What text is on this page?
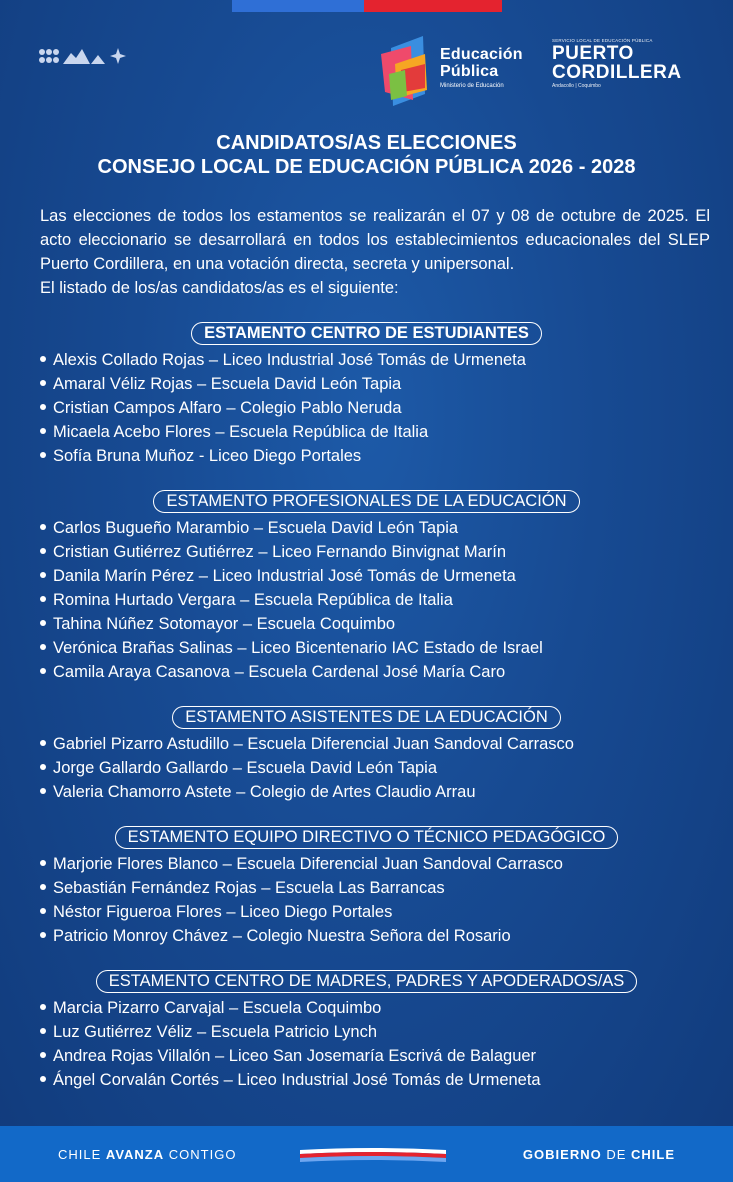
Educación
Pública
Ministerio de Educación
SERVICIO LOCAL DE EDUCACIÓN PÚBLICA
PUERTO
CORDILLERA
Andacollo | Coquimbo
CANDIDATOS/AS ELECCIONES
CONSEJO LOCAL DE EDUCACIÓN PÚBLICA 2026 - 2028
Las elecciones de todos los estamentos se realizarán el 07 y 08 de octubre de 2025. El acto eleccionario se desarrollará en todos los establecimientos educacionales del SLEP Puerto Cordillera, en una votación directa, secreta y unipersonal.
El listado de los/as candidatos/as es el siguiente:
ESTAMENTO CENTRO DE ESTUDIANTES
Alexis Collado Rojas – Liceo Industrial José Tomás de Urmeneta
Amaral Véliz Rojas – Escuela David León Tapia
Cristian Campos Alfaro – Colegio Pablo Neruda
Micaela Acebo Flores – Escuela República de Italia
Sofía Bruna Muñoz - Liceo Diego Portales
ESTAMENTO PROFESIONALES DE LA EDUCACIÓN
Carlos Bugueño Marambio – Escuela David León Tapia
Cristian Gutiérrez Gutiérrez – Liceo Fernando Binvignat Marín
Danila Marín Pérez – Liceo Industrial José Tomás de Urmeneta
Romina Hurtado Vergara – Escuela República de Italia
Tahina Núñez Sotomayor – Escuela Coquimbo
Verónica Brañas Salinas – Liceo Bicentenario IAC Estado de Israel
Camila Araya Casanova – Escuela Cardenal José María Caro
ESTAMENTO ASISTENTES DE LA EDUCACIÓN
Gabriel Pizarro Astudillo – Escuela Diferencial Juan Sandoval Carrasco
Jorge Gallardo Gallardo – Escuela David León Tapia
Valeria Chamorro Astete – Colegio de Artes Claudio Arrau
ESTAMENTO EQUIPO DIRECTIVO O TÉCNICO PEDAGÓGICO
Marjorie Flores Blanco – Escuela Diferencial Juan Sandoval Carrasco
Sebastián Fernández Rojas – Escuela Las Barrancas
Néstor Figueroa Flores – Liceo Diego Portales
Patricio Monroy Chávez – Colegio Nuestra Señora del Rosario
ESTAMENTO CENTRO DE MADRES, PADRES Y APODERADOS/AS
Marcia Pizarro Carvajal – Escuela Coquimbo
Luz Gutiérrez Véliz – Escuela Patricio Lynch
Andrea Rojas Villalón – Liceo San Josemaría Escrivá de Balaguer
Ángel Corvalán Cortés – Liceo Industrial José Tomás de Urmeneta
CHILE AVANZA CONTIGO	GOBIERNO DE CHILE
